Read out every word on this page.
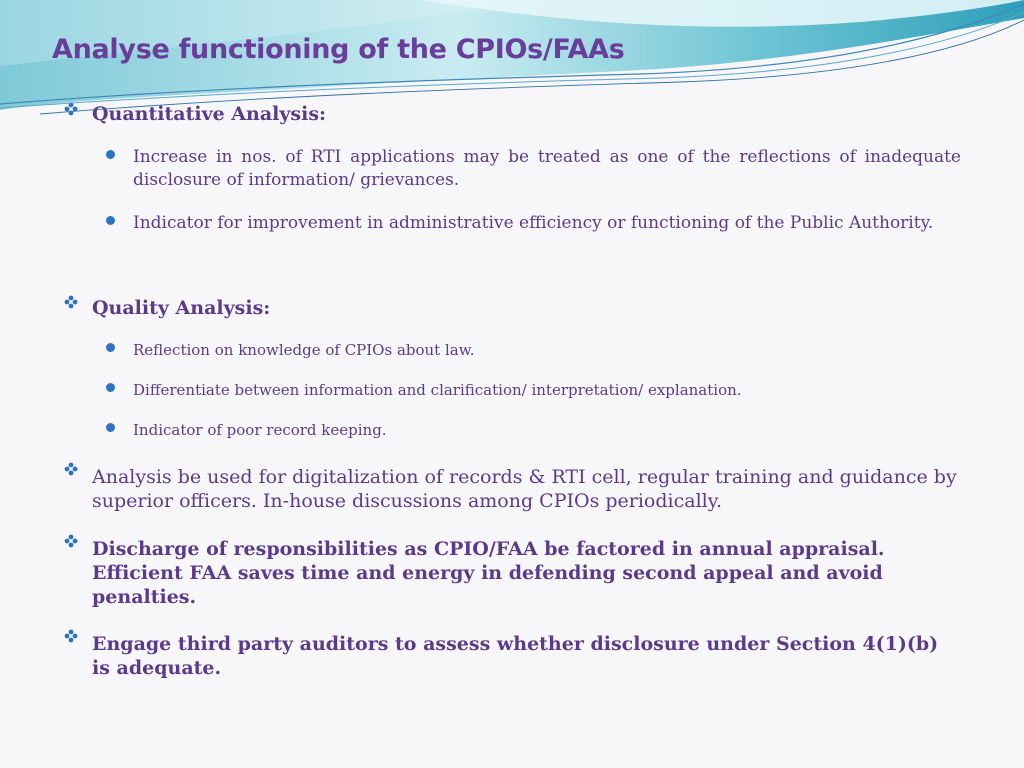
Analyse functioning of the CPIOs/FAAs
Quantitative Analysis:
Increase in nos. of RTI applications may be treated as one of the reflections of inadequate disclosure of information/ grievances.
Indicator for improvement in administrative efficiency or functioning of the Public Authority.
Quality Analysis:
Reflection on knowledge of CPIOs about law.
Differentiate between information and clarification/ interpretation/ explanation.
Indicator of poor record keeping.
Analysis be used for digitalization of records & RTI cell, regular training and guidance by superior officers. In-house discussions among CPIOs periodically.
Discharge of responsibilities as CPIO/FAA be factored in annual appraisal. Efficient FAA saves time and energy in defending second appeal and avoid penalties.
Engage third party auditors to assess whether disclosure under Section 4(1)(b) is adequate.
